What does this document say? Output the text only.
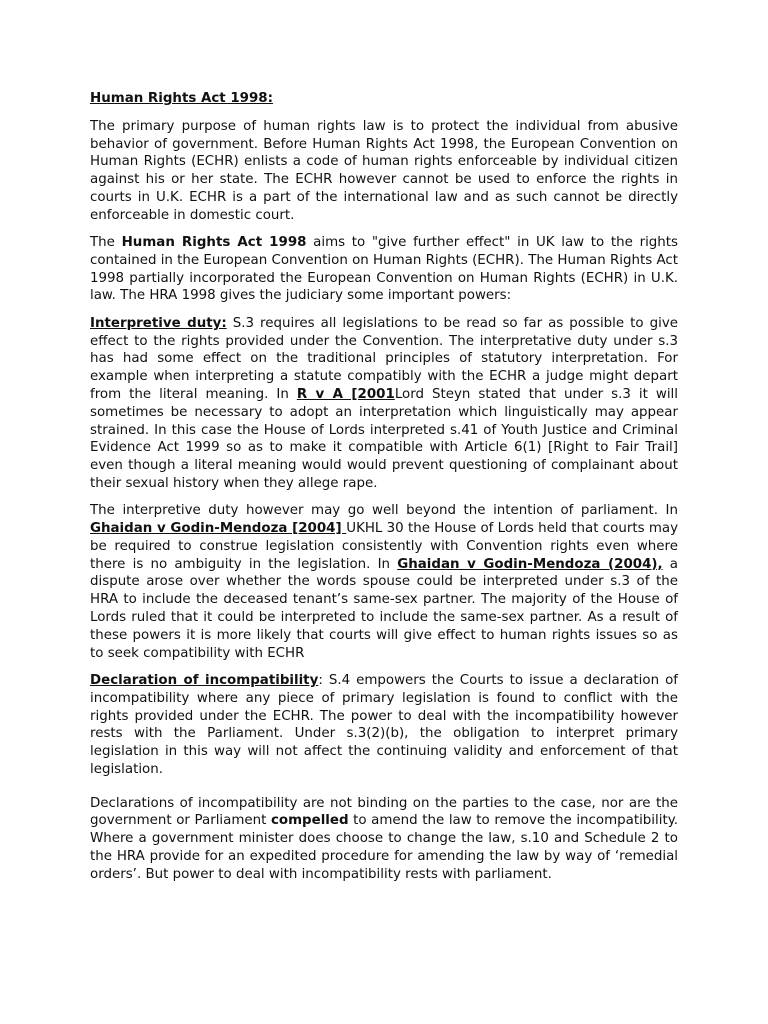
Human Rights Act 1998:

The primary purpose of human rights law is to protect the individual from abusive behavior of government. Before Human Rights Act 1998, the European Convention on Human Rights (ECHR) enlists a code of human rights enforceable by individual citizen against his or her state. The ECHR however cannot be used to enforce the rights in courts in U.K. ECHR is a part of the international law and as such cannot be directly enforceable in domestic court.

The Human Rights Act 1998 aims to "give further effect" in UK law to the rights contained in the European Convention on Human Rights (ECHR). The Human Rights Act 1998 partially incorporated the European Convention on Human Rights (ECHR) in U.K. law. The HRA 1998 gives the judiciary some important powers:

Interpretive duty: S.3 requires all legislations to be read so far as possible to give effect to the rights provided under the Convention. The interpretative duty under s.3 has had some effect on the traditional principles of statutory interpretation. For example when interpreting a statute compatibly with the ECHR a judge might depart from the literal meaning. In R v A [2001Lord Steyn stated that under s.3 it will sometimes be necessary to adopt an interpretation which linguistically may appear strained. In this case the House of Lords interpreted s.41 of Youth Justice and Criminal Evidence Act 1999 so as to make it compatible with Article 6(1) [Right to Fair Trail] even though a literal meaning would would prevent questioning of complainant about their sexual history when they allege rape.

The interpretive duty however may go well beyond the intention of parliament. In Ghaidan v Godin-Mendoza [2004] UKHL 30 the House of Lords held that courts may be required to construe legislation consistently with Convention rights even where there is no ambiguity in the legislation. In Ghaidan v Godin-Mendoza (2004), a dispute arose over whether the words spouse could be interpreted under s.3 of the HRA to include the deceased tenant’s same-sex partner. The majority of the House of Lords ruled that it could be interpreted to include the same-sex partner. As a result of these powers it is more likely that courts will give effect to human rights issues so as to seek compatibility with ECHR

Declaration of incompatibility: S.4 empowers the Courts to issue a declaration of incompatibility where any piece of primary legislation is found to conflict with the rights provided under the ECHR. The power to deal with the incompatibility however rests with the Parliament. Under s.3(2)(b), the obligation to interpret primary legislation in this way will not affect the continuing validity and enforcement of that legislation.

Declarations of incompatibility are not binding on the parties to the case, nor are the government or Parliament compelled to amend the law to remove the incompatibility. Where a government minister does choose to change the law, s.10 and Schedule 2 to the HRA provide for an expedited procedure for amending the law by way of ‘remedial orders’. But power to deal with incompatibility rests with parliament.
